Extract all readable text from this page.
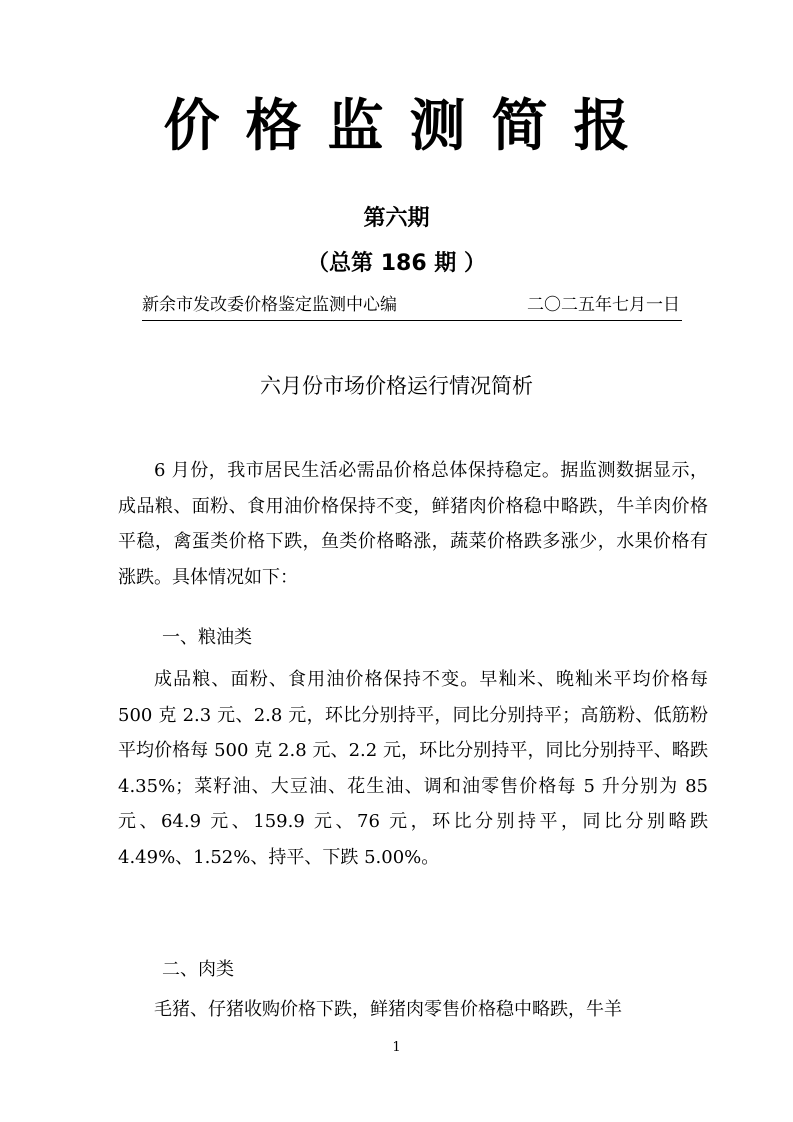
价格监测简报
第六期
（总第 186 期 ）
新余市发改委价格鉴定监测中心编	二〇二五年七月一日
六月份市场价格运行情况简析

6 月份，我市居民生活必需品价格总体保持稳定。据监测数据显示，成品粮、面粉、食用油价格保持不变，鲜猪肉价格稳中略跌，牛羊肉价格平稳，禽蛋类价格下跌，鱼类价格略涨，蔬菜价格跌多涨少，水果价格有涨跌。具体情况如下：

一、粮油类

成品粮、面粉、食用油价格保持不变。早籼米、晚籼米平均价格每 500 克 2.3 元、2.8 元，环比分别持平，同比分别持平；高筋粉、低筋粉平均价格每 500 克 2.8 元、2.2 元，环比分别持平，同比分别持平、略跌 4.35%；菜籽油、大豆油、花生油、调和油零售价格每 5 升分别为 85 元、64.9 元、159.9 元、76 元，环比分别持平，同比分别略跌 4.49%、1.52%、持平、下跌 5.00%。

二、肉类

毛猪、仔猪收购价格下跌，鲜猪肉零售价格稳中略跌，牛羊

1
